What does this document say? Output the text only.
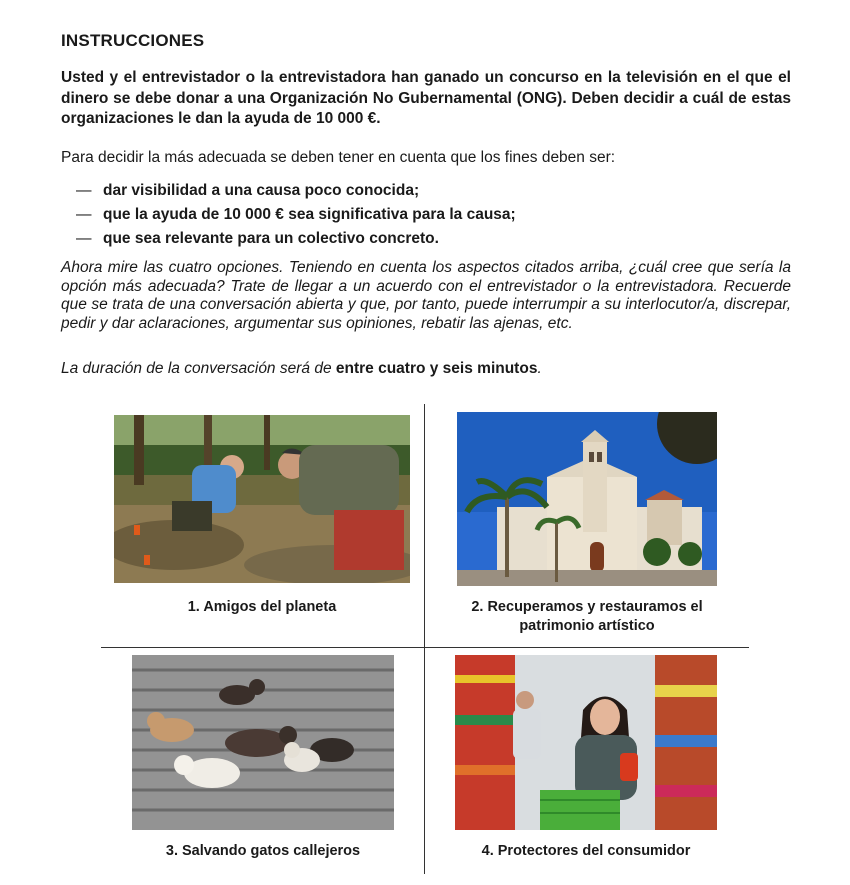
INSTRUCCIONES
Usted y el entrevistador o la entrevistadora han ganado un concurso en la televisión en el que el dinero se debe donar a una Organización No Gubernamental (ONG). Deben decidir a cuál de estas organizaciones le dan la ayuda de 10 000 €.
Para decidir la más adecuada se deben tener en cuenta que los fines deben ser:
— dar visibilidad a una causa poco conocida;
— que la ayuda de 10 000 € sea significativa para la causa;
— que sea relevante para un colectivo concreto.
Ahora mire las cuatro opciones. Teniendo en cuenta los aspectos citados arriba, ¿cuál cree que sería la opción más adecuada? Trate de llegar a un acuerdo con el entrevistador o la entrevistadora. Recuerde que se trata de una conversación abierta y que, por tanto, puede interrumpir a su interlocutor/a, discrepar, pedir y dar aclaraciones, argumentar sus opiniones, rebatir las ajenas, etc.
La duración de la conversación será de entre cuatro y seis minutos.
1. Amigos del planeta	2. Recuperamos y restauramos el
patrimonio artístico
3. Salvando gatos callejeros	4. Protectores del consumidor
